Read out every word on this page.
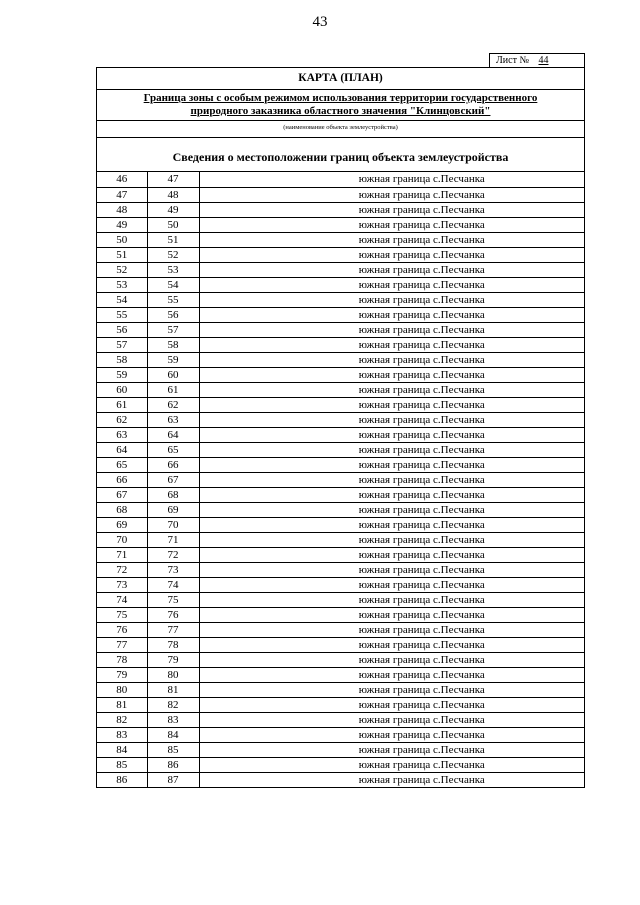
43
Лист № 44
КАРТА (ПЛАН)
Граница зоны с особым режимом использования территории государственного
природного заказника областного значения "Клинцовский"
(наименование объекта землеустройства)
Сведения о местоположении границ объекта землеустройства
46	47	южная граница с.Песчанка
47	48	южная граница с.Песчанка
48	49	южная граница с.Песчанка
49	50	южная граница с.Песчанка
50	51	южная граница с.Песчанка
51	52	южная граница с.Песчанка
52	53	южная граница с.Песчанка
53	54	южная граница с.Песчанка
54	55	южная граница с.Песчанка
55	56	южная граница с.Песчанка
56	57	южная граница с.Песчанка
57	58	южная граница с.Песчанка
58	59	южная граница с.Песчанка
59	60	южная граница с.Песчанка
60	61	южная граница с.Песчанка
61	62	южная граница с.Песчанка
62	63	южная граница с.Песчанка
63	64	южная граница с.Песчанка
64	65	южная граница с.Песчанка
65	66	южная граница с.Песчанка
66	67	южная граница с.Песчанка
67	68	южная граница с.Песчанка
68	69	южная граница с.Песчанка
69	70	южная граница с.Песчанка
70	71	южная граница с.Песчанка
71	72	южная граница с.Песчанка
72	73	южная граница с.Песчанка
73	74	южная граница с.Песчанка
74	75	южная граница с.Песчанка
75	76	южная граница с.Песчанка
76	77	южная граница с.Песчанка
77	78	южная граница с.Песчанка
78	79	южная граница с.Песчанка
79	80	южная граница с.Песчанка
80	81	южная граница с.Песчанка
81	82	южная граница с.Песчанка
82	83	южная граница с.Песчанка
83	84	южная граница с.Песчанка
84	85	южная граница с.Песчанка
85	86	южная граница с.Песчанка
86	87	южная граница с.Песчанка
